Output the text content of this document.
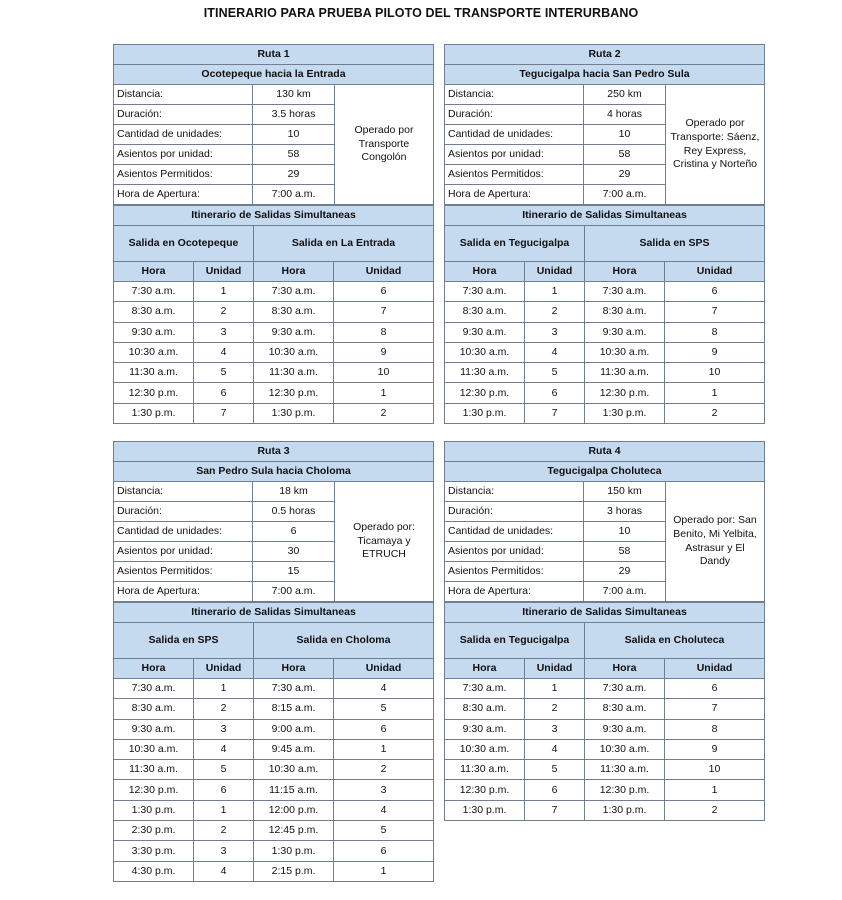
ITINERARIO PARA PRUEBA PILOTO DEL TRANSPORTE INTERURBANO
Ruta 1		
Ocotepeque hacia la Entrada		
Distancia:	130 km	Operado por Transporte Congolón
Duración:	3.5 horas	
Cantidad de unidades:	10	
Asientos por unidad:	58	
Asientos Permitidos:	29	
Hora de Apertura:	7:00 a.m.	
Itinerario de Salidas Simultaneas			
Salida en Ocotepeque		Salida en La Entrada	
Hora	Unidad	Hora	Unidad
7:30 a.m.	1	7:30 a.m.	6
8:30 a.m.	2	8:30 a.m.	7
9:30 a.m.	3	9:30 a.m.	8
10:30 a.m.	4	10:30 a.m.	9
11:30 a.m.	5	11:30 a.m.	10
12:30 p.m.	6	12:30 p.m.	1
1:30 p.m.	7	1:30 p.m.	2
Ruta 2		
Tegucigalpa hacia San Pedro Sula		
Distancia:	250 km	Operado por Transporte: Sáenz, Rey Express, Cristina y Norteño
Duración:	4 horas	
Cantidad de unidades:	10	
Asientos por unidad:	58	
Asientos Permitidos:	29	
Hora de Apertura:	7:00 a.m.	
Itinerario de Salidas Simultaneas			
Salida en Tegucigalpa		Salida en SPS	
Hora	Unidad	Hora	Unidad
7:30 a.m.	1	7:30 a.m.	6
8:30 a.m.	2	8:30 a.m.	7
9:30 a.m.	3	9:30 a.m.	8
10:30 a.m.	4	10:30 a.m.	9
11:30 a.m.	5	11:30 a.m.	10
12:30 p.m.	6	12:30 p.m.	1
1:30 p.m.	7	1:30 p.m.	2
Ruta 3		
San Pedro Sula hacia Choloma		
Distancia:	18 km	Operado por: Ticamaya y ETRUCH
Duración:	0.5 horas	
Cantidad de unidades:	6	
Asientos por unidad:	30	
Asientos Permitidos:	15	
Hora de Apertura:	7:00 a.m.	
Itinerario de Salidas Simultaneas			
Salida en SPS		Salida en Choloma	
Hora	Unidad	Hora	Unidad
7:30 a.m.	1	7:30 a.m.	4
8:30 a.m.	2	8:15 a.m.	5
9:30 a.m.	3	9:00 a.m.	6
10:30 a.m.	4	9:45 a.m.	1
11:30 a.m.	5	10:30 a.m.	2
12:30 p.m.	6	11:15 a.m.	3
1:30 p.m.	1	12:00 p.m.	4
2:30 p.m.	2	12:45 p.m.	5
3:30 p.m.	3	1:30 p.m.	6
4:30 p.m.	4	2:15 p.m.	1
Ruta 4		
Tegucigalpa Choluteca		
Distancia:	150 km	Operado por: San Benito, Mi Yelbita, Astrasur y El Dandy
Duración:	3 horas	
Cantidad de unidades:	10	
Asientos por unidad:	58	
Asientos Permitidos:	29	
Hora de Apertura:	7:00 a.m.	
Itinerario de Salidas Simultaneas			
Salida en Tegucigalpa		Salida en Choluteca	
Hora	Unidad	Hora	Unidad
7:30 a.m.	1	7:30 a.m.	6
8:30 a.m.	2	8:30 a.m.	7
9:30 a.m.	3	9:30 a.m.	8
10:30 a.m.	4	10:30 a.m.	9
11:30 a.m.	5	11:30 a.m.	10
12:30 p.m.	6	12:30 p.m.	1
1:30 p.m.	7	1:30 p.m.	2
